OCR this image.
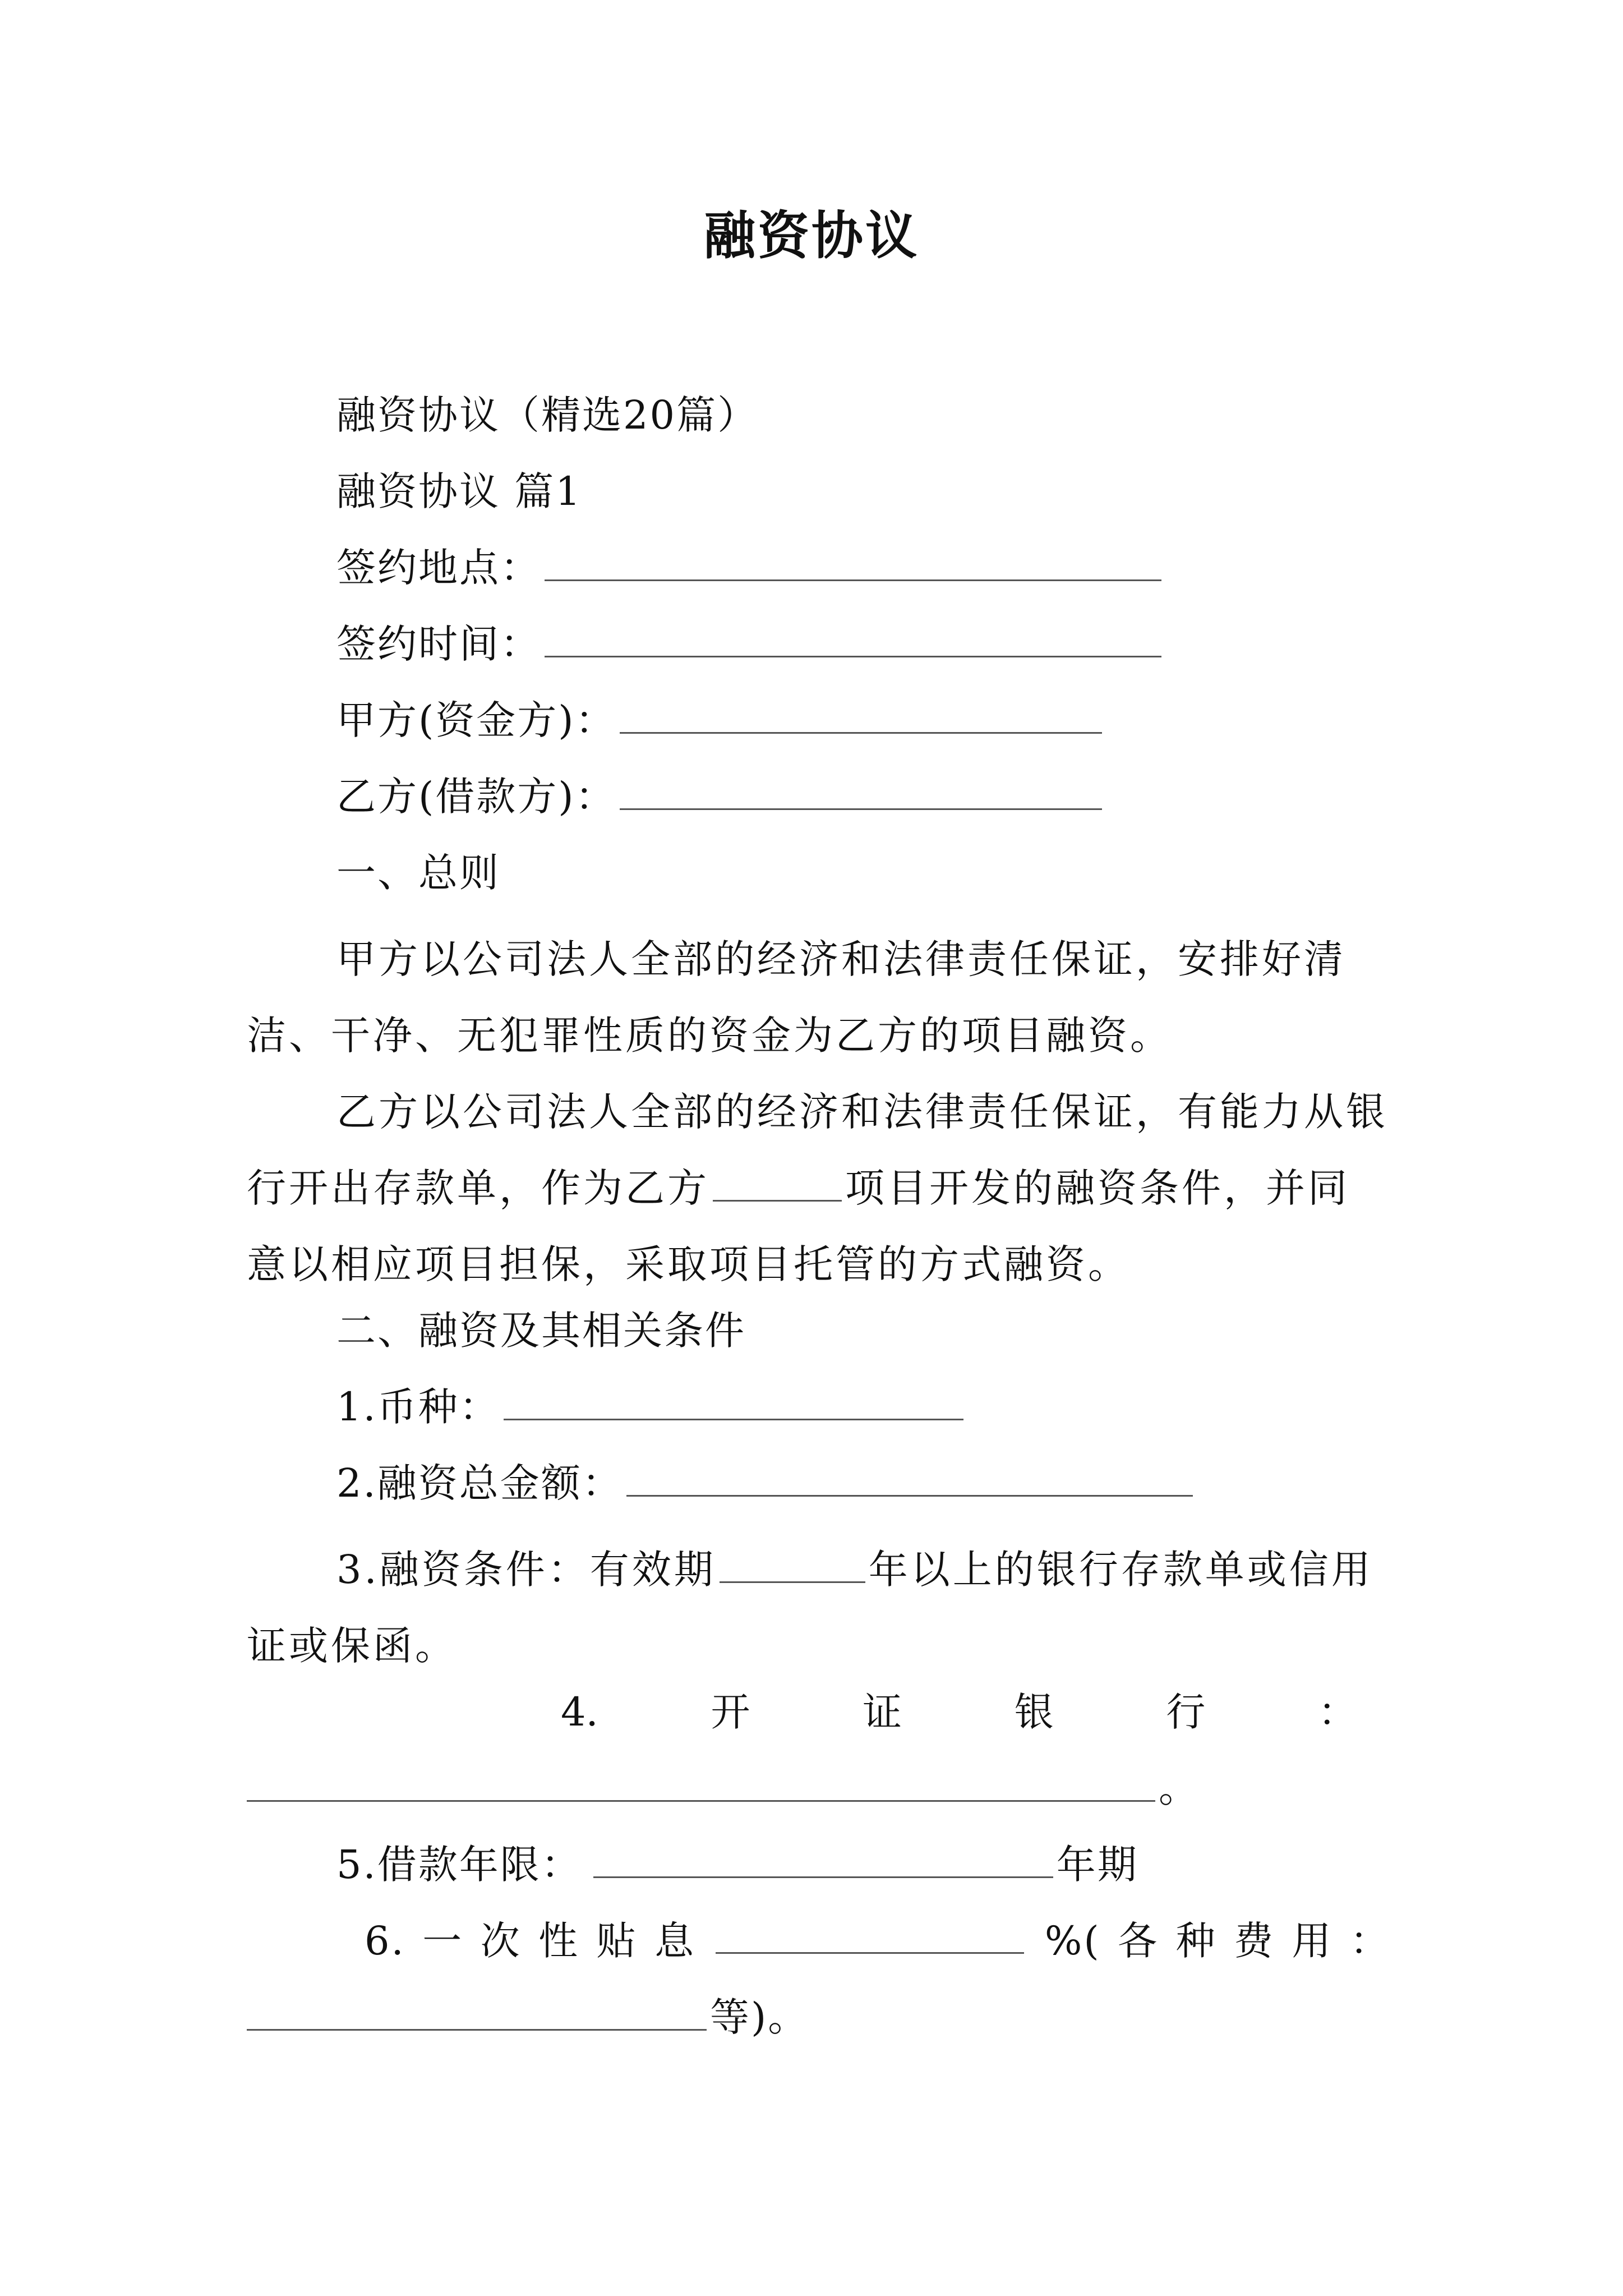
融资协议
融资协议（精选20篇）
融资协议 篇1
签约地点：
签约时间：
甲方(资金方)：
乙方(借款方)：
一、总则
甲方以公司法人全部的经济和法律责任保证，安排好清洁、干净、无犯罪性质的资金为乙方的项目融资。
乙方以公司法人全部的经济和法律责任保证，有能力从银行开出存款单，作为乙方	项目开发的融资条件，并同意以相应项目担保，采取项目托管的方式融资。
二、融资及其相关条件
1.币种：
2.融资总金额：
3.融资条件：有效期	年以上的银行存款单或信用证或保函。
4.	开	证	银	行	：
。
5.借款年限：	年期
6. 一 次 性 贴 息	%( 各 种 费 用 ：
等)。
